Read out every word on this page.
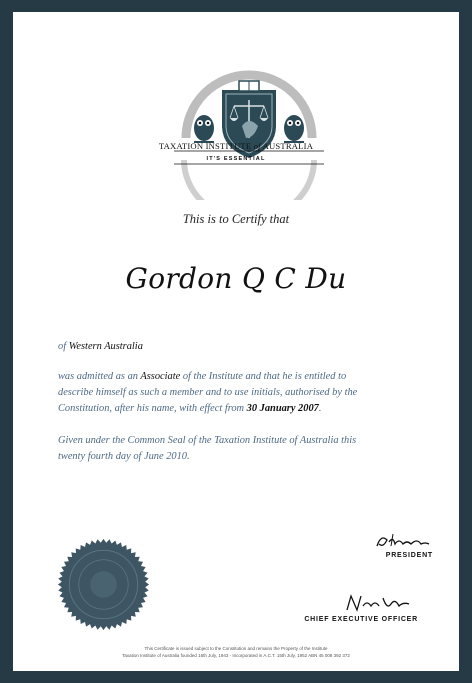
TAXATION INSTITUTE of AUSTRALIA
IT'S ESSENTIAL
This is to Certify that
Gordon Q C Du
of Western Australia
was admitted as an Associate of the Institute and that he is entitled to
describe himself as such a member and to use initials, authorised by the
Constitution, after his name, with effect from 30 January 2007.
Given under the Common Seal of the Taxation Institute of Australia this
twenty fourth day of June 2010.
PRESIDENT
CHIEF EXECUTIVE OFFICER
This Certificate is issued subject to the Constitution and remains the Property of the Institute
Taxation Institute of Australia founded 16th July, 1943 - Incorporated in A.C.T. 15th July, 1952 ABN 45 008 392 372
